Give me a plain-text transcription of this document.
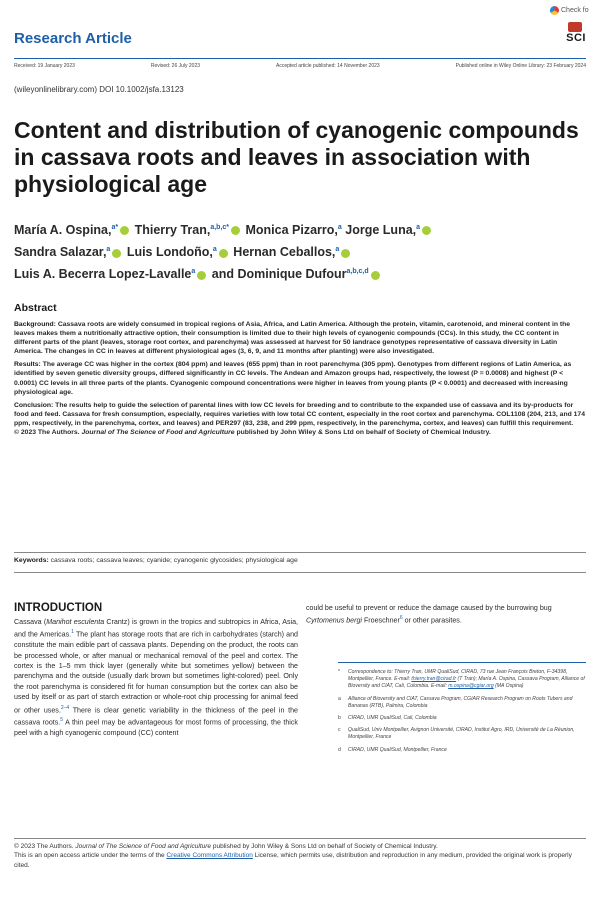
Check fo
Research Article	SCI
Received: 19 January 2023	Revised: 26 July 2023	Accepted article published: 14 November 2023	Published online in Wiley Online Library: 23 February 2024
(wileyonlinelibrary.com) DOI 10.1002/jsfa.13123
Content and distribution of cyanogenic compounds in cassava roots and leaves in association with physiological age
María A. Ospina,$^{a*}$ Thierry Tran,$^{a,b,c*}$ Monica Pizarro,$^a$ Jorge Luna,$^a$
Sandra Salazar,$^a$ Luis Londoño,$^a$ Hernan Ceballos,$^a$
Luis A. Becerra Lopez-Lavalle$^a$ and Dominique Dufour$^{a,b,c,d}$
Abstract

Background: Cassava roots are widely consumed in tropical regions of Asia, Africa, and Latin America. Although the protein, vitamin, carotenoid, and mineral content in the leaves makes them a nutritionally attractive option, their consumption is limited due to their high levels of cyanogenic compounds (CCs). In this study, the CC content in different parts of the plant (leaves, storage root cortex, and parenchyma) was assessed at harvest for 50 landrace genotypes representative of cassava diversity in Latin America. The changes in CC in leaves at different physiological ages (3, 6, 9, and 11 months after planting) were also investigated.

Results: The average CC was higher in the cortex (804 ppm) and leaves (655 ppm) than in root parenchyma (305 ppm). Genotypes from different regions of Latin America, as identified by seven genetic diversity groups, differed significantly in CC levels. The Andean and Amazon groups had, respectively, the lowest (P = 0.0008) and highest (P < 0.0001) CC levels in all three parts of the plants. Cyanogenic compound concentrations were higher in leaves from young plants (P < 0.0001) and decreased with increasing physiological age.

Conclusion: The results help to guide the selection of parental lines with low CC levels for breeding and to contribute to the expanded use of cassava and its by-products for food and feed. Cassava for fresh consumption, especially, requires varieties with low total CC content, especially in the root cortex and parenchyma. COL1108 (204, 213, and 174 ppm, respectively, in the parenchyma, cortex, and leaves) and PER297 (83, 238, and 299 ppm, respectively, in the parenchyma, cortex, and leaves) can fulfill this requirement.
© 2023 The Authors. Journal of The Science of Food and Agriculture published by John Wiley & Sons Ltd on behalf of Society of Chemical Industry.

Keywords: cassava roots; cassava leaves; cyanide; cyanogenic glycosides; physiological age
INTRODUCTION
Cassava (Manihot esculenta Crantz) is grown in the tropics and subtropics in Africa, Asia, and the Americas.$^1$ The plant has storage roots that are rich in carbohydrates (starch) and constitute the main edible part of cassava plants. Depending on the product, the roots can be processed whole, or after manual or mechanical removal of the peel and cortex. The cortex is the 1–5 mm thick layer (generally white but sometimes yellow) between the parenchyma and the outside (usually dark brown but sometimes light-colored) peel. Only the root parenchyma is considered fit for human consumption but the cortex can also be used by itself or as part of starch extraction or whole-root chip processing for animal feed or other uses.$^{2-4}$ There is clear genetic variability in the thickness of the peel in the cassava roots.$^5$ A thin peel may be advantageous for most forms of processing, the thick peel with a high cyanogenic compound (CC) content
could be useful to prevent or reduce the damage caused by the burrowing bug Cyrtomenus bergi Froeschner$^6$ or other parasites.
*	Correspondence to: Thierry Tran, UMR QualiSud, CIRAD, 73 rue Jean François Breton, F-34398, Montpellier, France. E-mail: thierry.tran@cirad.fr (T Tran); María A. Ospina, Cassava Program, Alliance of Bioversity and CIAT, Cali, Colombia. E-mail: m.ospina@cgiar.org (MA Ospina)
a	Alliance of Bioversity and CIAT, Cassava Program, CGIAR Research Program on Roots Tubers and Bananas (RTB), Palmira, Colombia
b	CIRAD, UMR QualiSud, Cali, Colombia
c	QualiSud, Univ Montpellier, Avignon Université, CIRAD, Institut Agro, IRD, Université de La Réunion, Montpellier, France
d	CIRAD, UMR QualiSud, Montpellier, France
© 2023 The Authors. Journal of The Science of Food and Agriculture published by John Wiley & Sons Ltd on behalf of Society of Chemical Industry.
This is an open access article under the terms of the Creative Commons Attribution License, which permits use, distribution and reproduction in any medium, provided the original work is properly cited.
